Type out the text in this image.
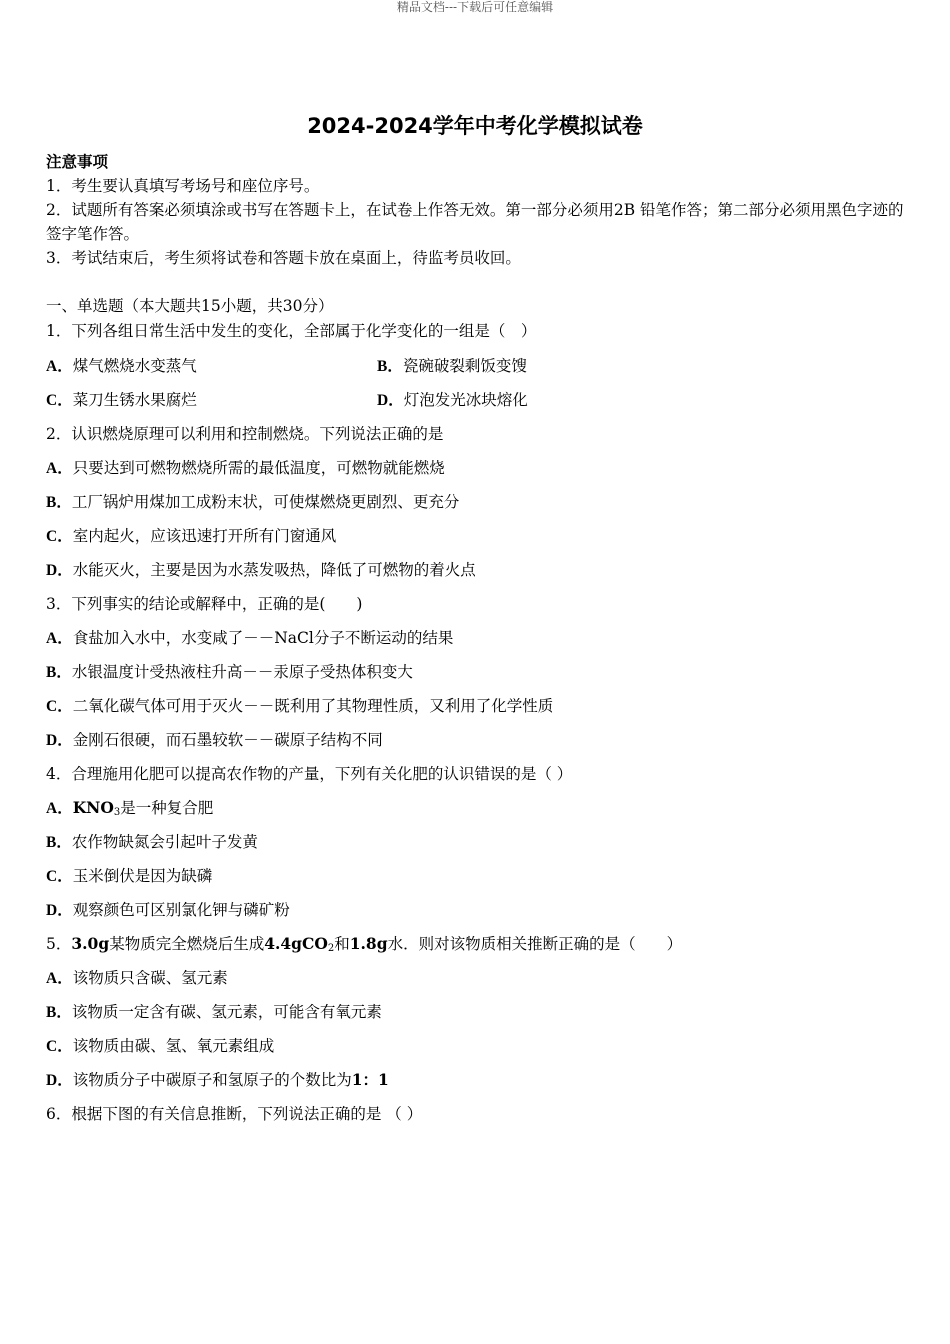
精品文档---下载后可任意编辑
2024-2024学年中考化学模拟试卷
注意事项
1．考生要认真填写考场号和座位序号。
2．试题所有答案必须填涂或书写在答题卡上，在试卷上作答无效。第一部分必须用2B 铅笔作答；第二部分必须用黑色字迹的签字笔作答。
3．考试结束后，考生须将试卷和答题卡放在桌面上，待监考员收回。
一、单选题（本大题共15小题，共30分）
1．下列各组日常生活中发生的变化，全部属于化学变化的一组是（　）
A．煤气燃烧水变蒸气	B．瓷碗破裂剩饭变馊
C．菜刀生锈水果腐烂	D．灯泡发光冰块熔化
2．认识燃烧原理可以利用和控制燃烧。下列说法正确的是
A．只要达到可燃物燃烧所需的最低温度，可燃物就能燃烧
B．工厂锅炉用煤加工成粉末状，可使煤燃烧更剧烈、更充分
C．室内起火，应该迅速打开所有门窗通风
D．水能灭火，主要是因为水蒸发吸热，降低了可燃物的着火点
3．下列事实的结论或解释中，正确的是(　　)
A．食盐加入水中，水变咸了－－NaCl分子不断运动的结果
B．水银温度计受热液柱升高－－汞原子受热体积变大
C．二氧化碳气体可用于灭火－－既利用了其物理性质，又利用了化学性质
D．金刚石很硬，而石墨较软－－碳原子结构不同
4．合理施用化肥可以提高农作物的产量，下列有关化肥的认识错误的是（ ）
A．$KNO_3$是一种复合肥
B．农作物缺氮会引起叶子发黄
C．玉米倒伏是因为缺磷
D．观察颜色可区别氯化钾与磷矿粉
5．3.0g某物质完全燃烧后生成4.4gCO$_2$和1.8g水．则对该物质相关推断正确的是（　　）
A．该物质只含碳、氢元素
B．该物质一定含有碳、氢元素，可能含有氧元素
C．该物质由碳、氢、氧元素组成
D．该物质分子中碳原子和氢原子的个数比为1：1
6．根据下图的有关信息推断，下列说法正确的是 （ ）
